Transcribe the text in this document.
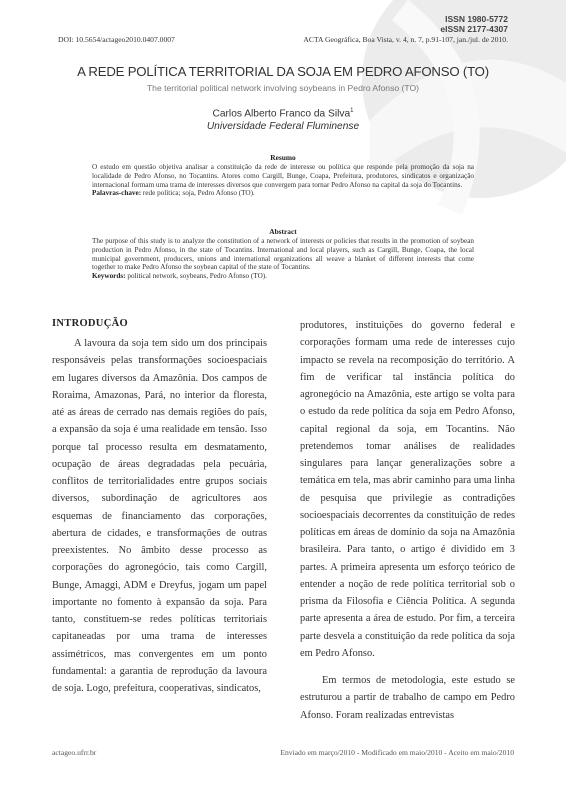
ISSN 1980-5772
eISSN 2177-4307
DOI: 10.5654/actageo2010.0407.0007	ACTA Geográfica, Boa Vista, v. 4, n. 7, p.91-107, jan./jul. de 2010.
A REDE POLÍTICA TERRITORIAL DA SOJA EM PEDRO AFONSO (TO)
The territorial political network involving soybeans in Pedro Afonso (TO)
Carlos Alberto Franco da Silva$^1$
Universidade Federal Fluminense
Resumo
O estudo em questão objetiva analisar a constituição da rede de interesse ou política que responde pela promoção da soja na localidade de Pedro Afonso, no Tocantins. Atores como Cargill, Bunge, Coapa, Prefeitura, produtores, sindicatos e organização internacional formam uma trama de interesses diversos que convergem para tornar Pedro Afonso na capital da soja do Tocantins.
Palavras-chave: rede política; soja, Pedro Afonso (TO).
Abstract
The purpose of this study is to analyze the constitution of a network of interests or policies that results in the promotion of soybean production in Pedro Afonso, in the state of Tocantins. International and local players, such as Cargill, Bunge, Coapa, the local municipal government, producers, unions and international organizations all weave a blanket of different interests that come together to make Pedro Afonso the soybean capital of the state of Tocantins.
Keywords: political network, soybeans, Pedro Afonso (TO).
INTRODUÇÃO

A lavoura da soja tem sido um dos principais responsáveis pelas transformações socioespaciais em lugares diversos da Amazônia. Dos campos de Roraima, Amazonas, Pará, no interior da floresta, até as áreas de cerrado nas demais regiões do país, a expansão da soja é uma realidade em tensão. Isso porque tal processo resulta em desmatamento, ocupação de áreas degradadas pela pecuária, conflitos de territorialidades entre grupos sociais diversos, subordinação de agricultores aos esquemas de financiamento das corporações, abertura de cidades, e transformações de outras preexistentes. No âmbito desse processo as corporações do agronegócio, tais como Cargill, Bunge, Amaggi, ADM e Dreyfus, jogam um papel importante no fomento à expansão da soja. Para tanto, constituem-se redes políticas territoriais capitaneadas por uma trama de interesses assimétricos, mas convergentes em um ponto fundamental: a garantia de reprodução da lavoura de soja. Logo, prefeitura, cooperativas, sindicatos,

produtores, instituições do governo federal e corporações formam uma rede de interesses cujo impacto se revela na recomposição do território. A fim de verificar tal instância política do agronegócio na Amazônia, este artigo se volta para o estudo da rede política da soja em Pedro Afonso, capital regional da soja, em Tocantins. Não pretendemos tomar análises de realidades singulares para lançar generalizações sobre a temática em tela, mas abrir caminho para uma linha de pesquisa que privilegie as contradições socioespaciais decorrentes da constituição de redes políticas em áreas de domínio da soja na Amazônia brasileira. Para tanto, o artigo é dividido em 3 partes. A primeira apresenta um esforço teórico de entender a noção de rede política territorial sob o prisma da Filosofia e Ciência Política. A segunda parte apresenta a área de estudo. Por fim, a terceira parte desvela a constituição da rede política da soja em Pedro Afonso.

Em termos de metodologia, este estudo se estruturou a partir de trabalho de campo em Pedro Afonso. Foram realizadas entrevistas

actageo.ufrr.br	Enviado em março/2010 - Modificado em maio/2010 - Aceito em maio/2010
